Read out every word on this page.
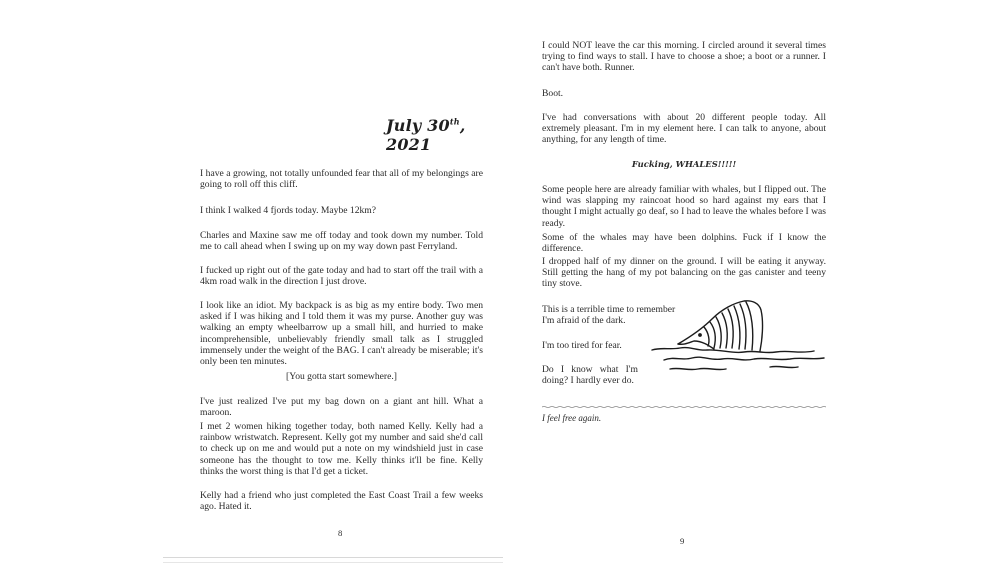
July 30th, 2021

I have a growing, not totally unfounded fear that all of my belongings are going to roll off this cliff.

I think I walked 4 fjords today. Maybe 12km?

Charles and Maxine saw me off today and took down my number. Told me to call ahead when I swing up on my way down past Ferryland.

I fucked up right out of the gate today and had to start off the trail with a 4km road walk in the direction I just drove.

I look like an idiot. My backpack is as big as my entire body. Two men asked if I was hiking and I told them it was my purse. Another guy was walking an empty wheelbarrow up a small hill, and hurried to make incomprehensible, unbelievably friendly small talk as I struggled immensely under the weight of the BAG. I can't already be miserable; it's only been ten minutes.

[You gotta start somewhere.]

I've just realized I've put my bag down on a giant ant hill. What a maroon.

I met 2 women hiking together today, both named Kelly. Kelly had a rainbow wristwatch. Represent. Kelly got my number and said she'd call to check up on me and would put a note on my windshield just in case someone has the thought to tow me. Kelly thinks it'll be fine. Kelly thinks the worst thing is that I'd get a ticket.

Kelly had a friend who just completed the East Coast Trail a few weeks ago. Hated it.

8

I could NOT leave the car this morning. I circled around it several times trying to find ways to stall. I have to choose a shoe; a boot or a runner. I can't have both. Runner.

Boot.

I've had conversations with about 20 different people today. All extremely pleasant. I'm in my element here. I can talk to anyone, about anything, for any length of time.

Fucking, WHALES!!!!!

Some people here are already familiar with whales, but I flipped out. The wind was slapping my raincoat hood so hard against my ears that I thought I might actually go deaf, so I had to leave the whales before I was ready.

Some of the whales may have been dolphins. Fuck if I know the difference.

I dropped half of my dinner on the ground. I will be eating it anyway. Still getting the hang of my pot balancing on the gas canister and teeny tiny stove.

This is a terrible time to remember I'm afraid of the dark.

I'm too tired for fear.

Do I know what I'm doing? I hardly ever do.

I feel free again.

9
